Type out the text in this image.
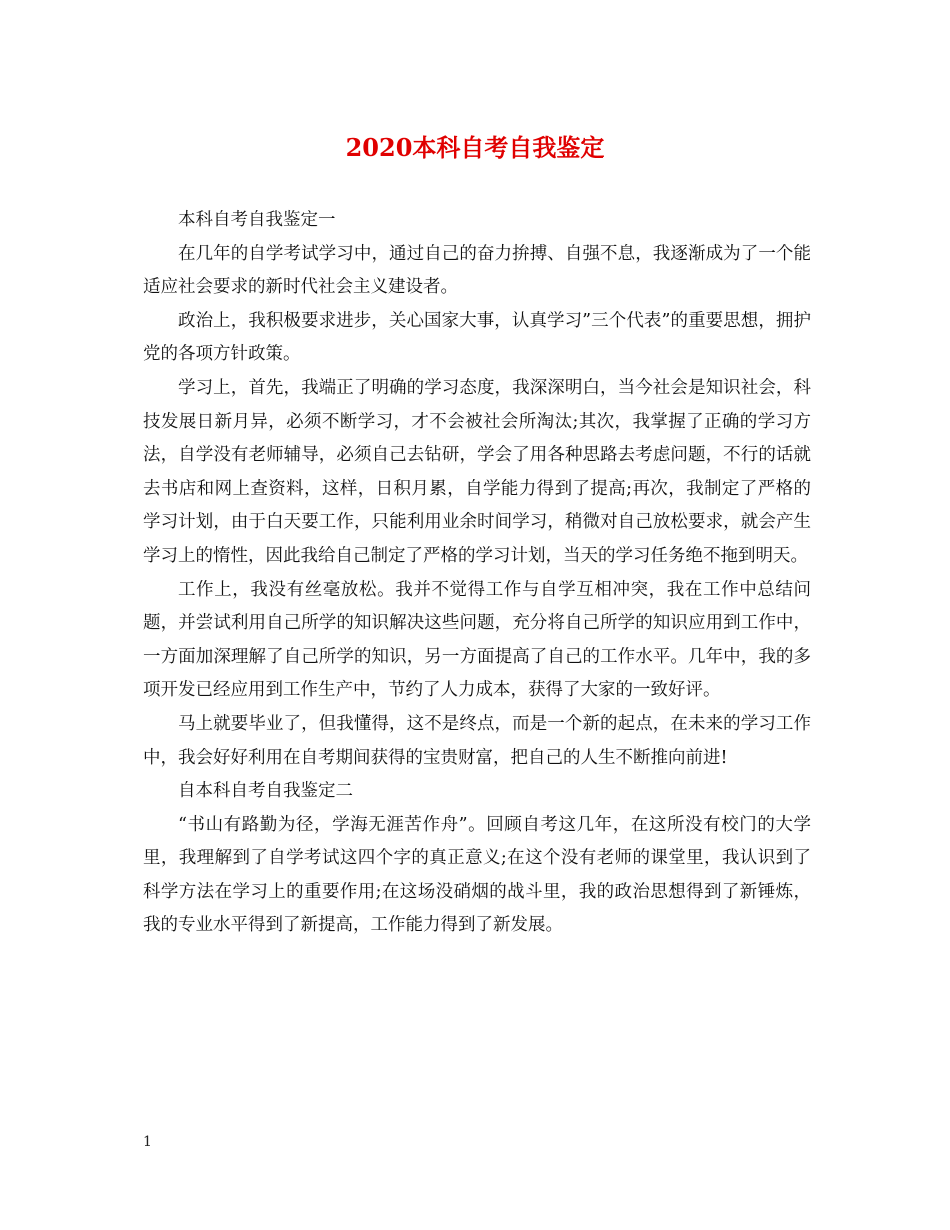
2020本科自考自我鉴定

本科自考自我鉴定一

在几年的自学考试学习中，通过自己的奋力拚搏、自强不息，我逐渐成为了一个能适应社会要求的新时代社会主义建设者。

政治上，我积极要求进步，关心国家大事，认真学习”三个代表”的重要思想，拥护党的各项方针政策。

学习上，首先，我端正了明确的学习态度，我深深明白，当今社会是知识社会，科技发展日新月异，必须不断学习，才不会被社会所淘汰;其次，我掌握了正确的学习方法，自学没有老师辅导，必须自己去钻研，学会了用各种思路去考虑问题，不行的话就去书店和网上查资料，这样，日积月累，自学能力得到了提高;再次，我制定了严格的学习计划，由于白天要工作，只能利用业余时间学习，稍微对自己放松要求，就会产生学习上的惰性，因此我给自己制定了严格的学习计划，当天的学习任务绝不拖到明天。

工作上，我没有丝毫放松。我并不觉得工作与自学互相冲突，我在工作中总结问题，并尝试利用自己所学的知识解决这些问题，充分将自己所学的知识应用到工作中，一方面加深理解了自己所学的知识，另一方面提高了自己的工作水平。几年中，我的多项开发已经应用到工作生产中，节约了人力成本，获得了大家的一致好评。

马上就要毕业了，但我懂得，这不是终点，而是一个新的起点，在未来的学习工作中，我会好好利用在自考期间获得的宝贵财富，把自己的人生不断推向前进!

自本科自考自我鉴定二

“书山有路勤为径，学海无涯苦作舟”。回顾自考这几年，在这所没有校门的大学里，我理解到了自学考试这四个字的真正意义;在这个没有老师的课堂里，我认识到了科学方法在学习上的重要作用;在这场没硝烟的战斗里，我的政治思想得到了新锤炼，我的专业水平得到了新提高，工作能力得到了新发展。

1
